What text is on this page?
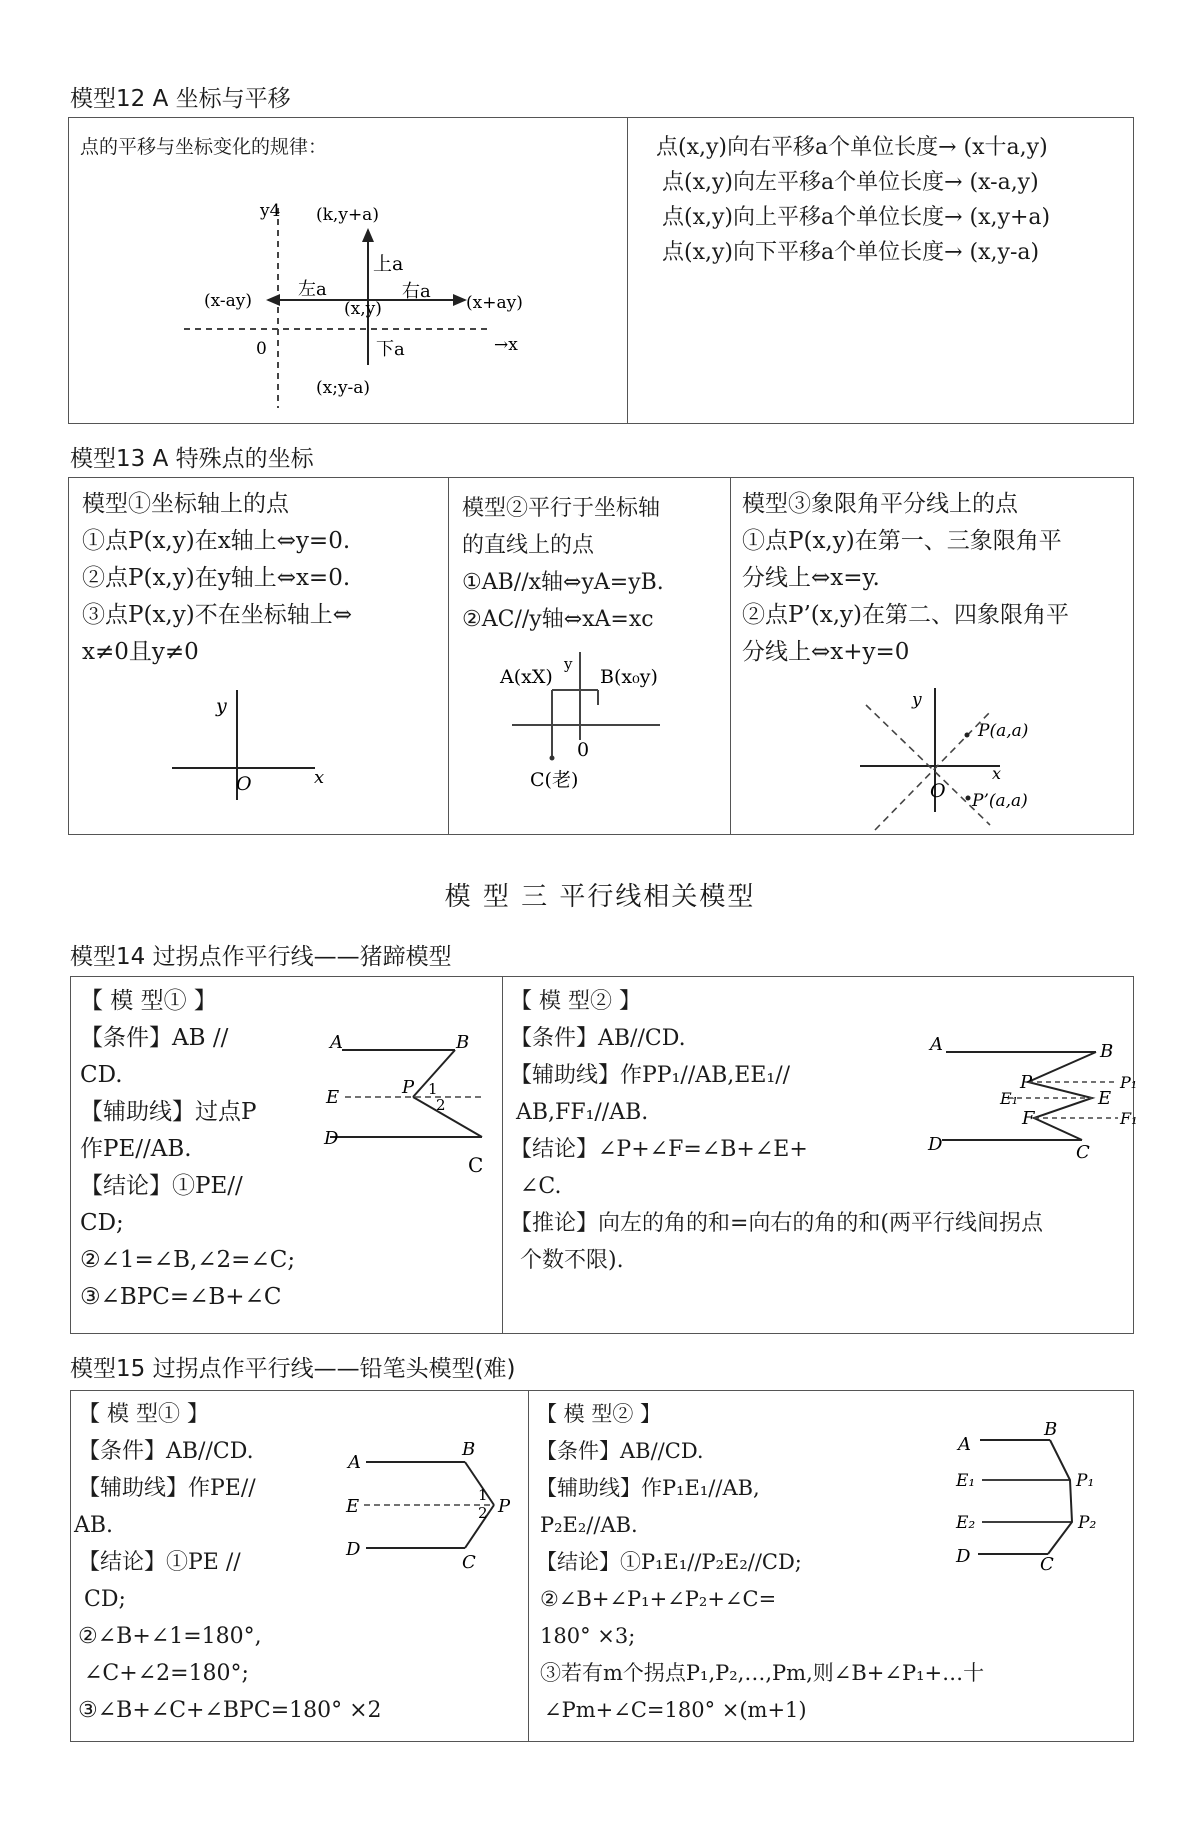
模型12 A 坐标与平移
点的平移与坐标变化的规律：
y4 (k,y+a)
上a
左a	右a
(x-ay)	(x,y)	(x+ay)
0	下a	→x
(x;y-a)
点(x,y)向右平移a个单位长度→ (x十a,y)
点(x,y)向左平移a个单位长度→ (x-a,y)
点(x,y)向上平移a个单位长度→ (x,y+a)
点(x,y)向下平移a个单位长度→ (x,y-a)
模型13 A 特殊点的坐标
模型①坐标轴上的点
①点P(x,y)在x轴上⇔y=0.
②点P(x,y)在y轴上⇔x=0.
③点P(x,y)不在坐标轴上⇔
x≠0且y≠0
y
O	x
模型②平行于坐标轴
的直线上的点
①AB//x轴⇔yA=yB.
②AC//y轴⇔xA=xc
A(xX)
y
B(x₀y)
0
C(老)
模型③象限角平分线上的点
①点P(x,y)在第一、三象限角平
分线上⇔x=y.
②点P’(x,y)在第二、四象限角平
分线上⇔x+y=0
y
P(a,a)
x
O P’(a,a)
模 型 三 平行线相关模型
模型14 过拐点作平行线——猪蹄模型
【 模 型① 】
【条件】AB //
CD.
【辅助线】过点P
作PE//AB.
【结论】①PE//
CD;
②∠1=∠B,∠2=∠C;
③∠BPC=∠B+∠C
A	B
E	P 1
2
D
C
【 模 型② 】
【条件】AB//CD.
【辅助线】作PP₁//AB,EE₁//
AB,FF₁//AB.
【结论】∠P+∠F=∠B+∠E+
∠C.
【推论】向左的角的和=向右的角的和(两平行线间拐点
个数不限).
A	B
E₁
P	P₁
E
F	F₁
D	C
模型15 过拐点作平行线——铅笔头模型(难)
【 模 型① 】
【条件】AB//CD.
【辅助线】作PE//
AB.
【结论】①PE //
CD;
②∠B+∠1=180°,
∠C+∠2=180°;
③∠B+∠C+∠BPC=180° ×2
A
B
E
1
2 P
D
C
【 模 型② 】
【条件】AB//CD.
【辅助线】作P₁E₁//AB,
P₂E₂//AB.
【结论】①P₁E₁//P₂E₂//CD;
②∠B+∠P₁+∠P₂+∠C=
180° ×3;
③若有m个拐点P₁,P₂,…,Pm,则∠B+∠P₁+…十
∠Pm+∠C=180° ×(m+1)
A
B
E₁	P₁
E₂	P₂
D	C
